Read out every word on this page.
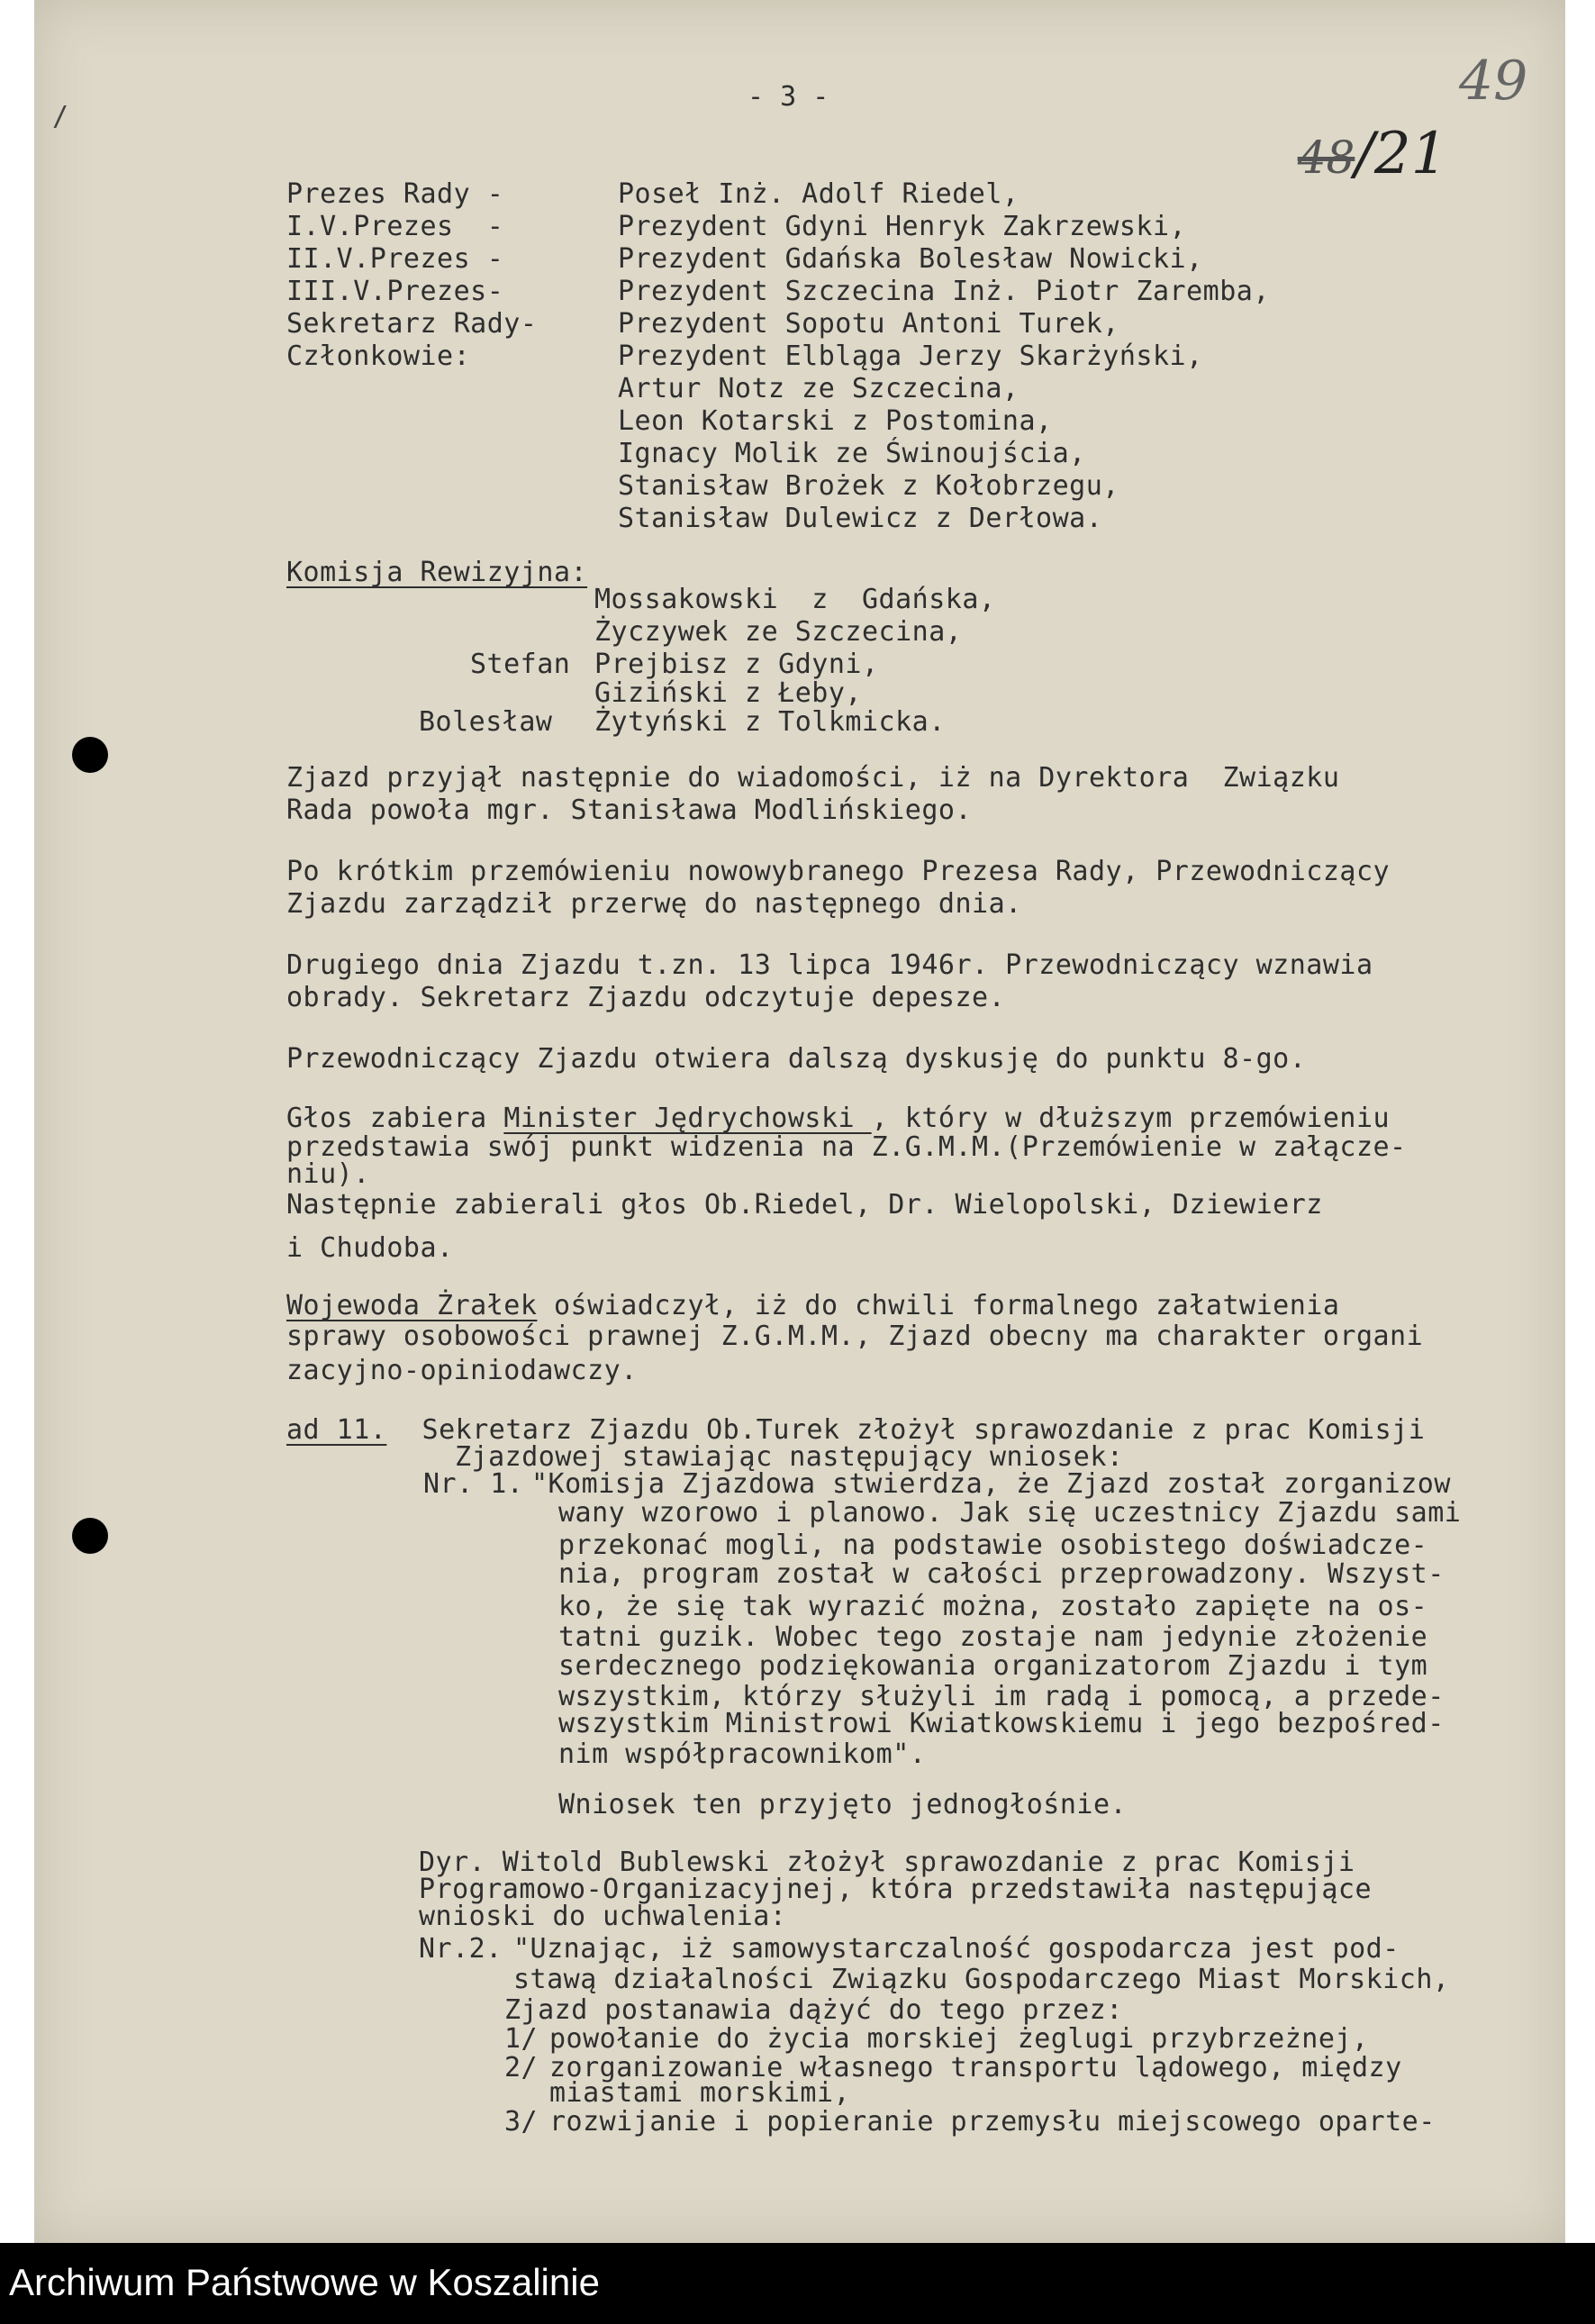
/
- 3 -

48/21

49
Prezes Rady -	Poseł Inż. Adolf Riedel,
I.V.Prezes  -	Prezydent Gdyni Henryk Zakrzewski,
II.V.Prezes -	Prezydent Gdańska Bolesław Nowicki,
III.V.Prezes-	Prezydent Szczecina Inż. Piotr Zaremba,
Sekretarz Rady-	Prezydent Sopotu Antoni Turek,
Członkowie:	Prezydent Elbląga Jerzy Skarżyński,
Artur Notz ze Szczecina,
Leon Kotarski z Postomina,
Ignacy Molik ze Świnoujścia,
Stanisław Brożek z Kołobrzegu,
Stanisław Dulewicz z Derłowa.
Komisja Rewizyjna:
Mossakowski  z  Gdańska,
Życzywek ze Szczecina,
Stefan Prejbisz z Gdyni,
Giziński z Łeby,
Bolesław Żytyński z Tolkmicka.
Zjazd przyjął następnie do wiadomości, iż na Dyrektora  Związku
Rada powoła mgr. Stanisława Modlińskiego.
Po krótkim przemówieniu nowowybranego Prezesa Rady, Przewodniczący
Zjazdu zarządził przerwę do następnego dnia.
Drugiego dnia Zjazdu t.zn. 13 lipca 1946r. Przewodniczący wznawia
obrady. Sekretarz Zjazdu odczytuje depesze.
Przewodniczący Zjazdu otwiera dalszą dyskusję do punktu 8-go.
Głos zabiera Minister Jędrychowski , który w dłuższym przemówieniu
przedstawia swój punkt widzenia na Z.G.M.M.(Przemówienie w załącze-
niu).
Następnie zabierali głos Ob.Riedel, Dr. Wielopolski, Dziewierz
i Chudoba.
Wojewoda Żrałek oświadczył, iż do chwili formalnego załatwienia
sprawy osobowości prawnej Z.G.M.M., Zjazd obecny ma charakter organi
zacyjno-opiniodawczy.
ad 11. Sekretarz Zjazdu Ob.Turek złożył sprawozdanie z prac Komisji
Zjazdowej stawiając następujący wniosek:
Nr. 1. "Komisja Zjazdowa stwierdza, że Zjazd został zorganizow
wany wzorowo i planowo. Jak się uczestnicy Zjazdu sami
przekonać mogli, na podstawie osobistego doświadcze-
nia, program został w całości przeprowadzony. Wszyst-
ko, że się tak wyrazić można, zostało zapięte na os-
tatni guzik. Wobec tego zostaje nam jedynie złożenie
serdecznego podziękowania organizatorom Zjazdu i tym
wszystkim, którzy służyli im radą i pomocą, a przede-
wszystkim Ministrowi Kwiatkowskiemu i jego bezpośred-
nim współpracownikom".
Wniosek ten przyjęto jednogłośnie.
Dyr. Witold Bublewski złożył sprawozdanie z prac Komisji
Programowo-Organizacyjnej, która przedstawiła następujące
wnioski do uchwalenia:
Nr.2. "Uznając, iż samowystarczalność gospodarcza jest pod-
stawą działalności Związku Gospodarczego Miast Morskich,
Zjazd postanawia dążyć do tego przez:
1/ powołanie do życia morskiej żeglugi przybrzeżnej,
2/ zorganizowanie własnego transportu lądowego, między
miastami morskimi,
3/ rozwijanie i popieranie przemysłu miejscowego oparte-
Archiwum Państwowe w Koszalinie
